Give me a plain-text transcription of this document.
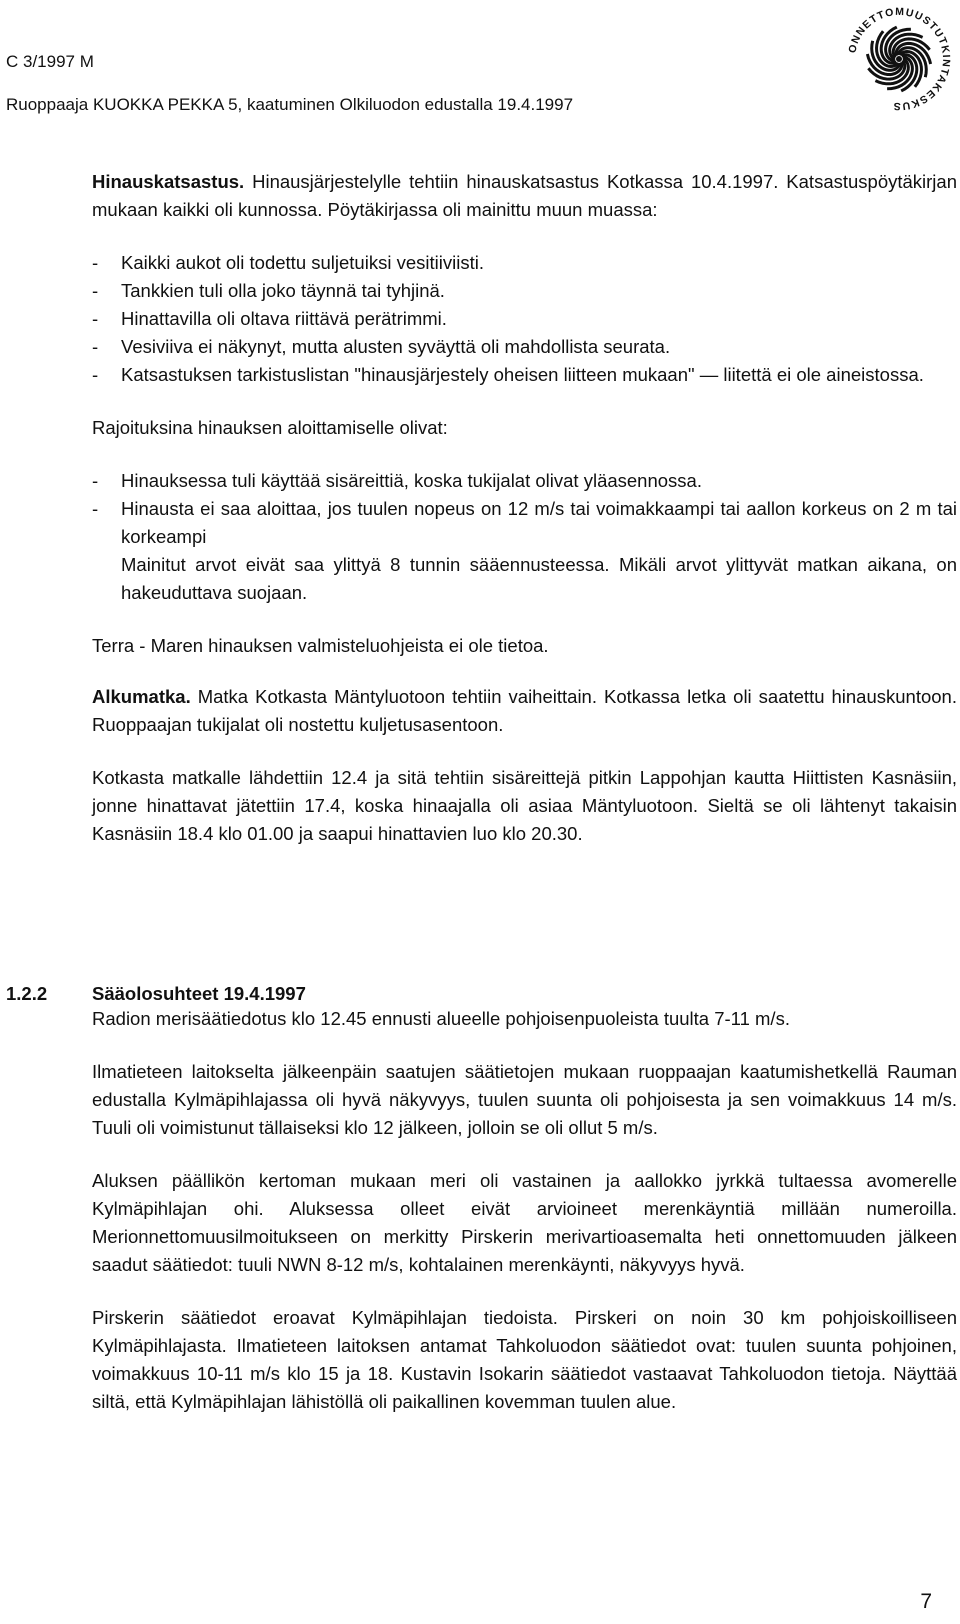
C 3/1997 M
Ruoppaaja KUOKKA PEKKA 5, kaatuminen Olkiluodon edustalla 19.4.1997
ONNETTOMUUSTUTKINTAKESKUS

Hinauskatsastus. Hinausjärjestelylle tehtiin hinauskatsastus Kotkassa 10.4.1997. Katsastuspöytäkirjan mukaan kaikki oli kunnossa. Pöytäkirjassa oli mainittu muun muassa:

- Kaikki aukot oli todettu suljetuiksi vesitiiviisti.
- Tankkien tuli olla joko täynnä tai tyhjinä.
- Hinattavilla oli oltava riittävä perätrimmi.
- Vesiviiva ei näkynyt, mutta alusten syväyttä oli mahdollista seurata.
- Katsastuksen tarkistuslistan "hinausjärjestely oheisen liitteen mukaan" — liitettä ei ole aineistossa.

Rajoituksina hinauksen aloittamiselle olivat:

- Hinauksessa tuli käyttää sisäreittiä, koska tukijalat olivat yläasennossa.
- Hinausta ei saa aloittaa, jos tuulen nopeus on 12 m/s tai voimakkaampi tai aallon korkeus on 2 m tai korkeampi
Mainitut arvot eivät saa ylittyä 8 tunnin sääennusteessa. Mikäli arvot ylittyvät matkan aikana, on hakeuduttava suojaan.

Terra - Maren hinauksen valmisteluohjeista ei ole tietoa.

Alkumatka. Matka Kotkasta Mäntyluotoon tehtiin vaiheittain. Kotkassa letka oli saatettu hinauskuntoon. Ruoppaajan tukijalat oli nostettu kuljetusasentoon.

Kotkasta matkalle lähdettiin 12.4 ja sitä tehtiin sisäreittejä pitkin Lappohjan kautta Hiittisten Kasnäsiin, jonne hinattavat jätettiin 17.4, koska hinaajalla oli asiaa Mäntyluotoon. Sieltä se oli lähtenyt takaisin Kasnäsiin 18.4 klo 01.00 ja saapui hinattavien luo klo 20.30.

1.2.2 Sääolosuhteet 19.4.1997

Radion merisäätiedotus klo 12.45 ennusti alueelle pohjoisenpuoleista tuulta 7-11 m/s.

Ilmatieteen laitokselta jälkeenpäin saatujen säätietojen mukaan ruoppaajan kaatumishetkellä Rauman edustalla Kylmäpihlajassa oli hyvä näkyvyys, tuulen suunta oli pohjoisesta ja sen voimakkuus 14 m/s. Tuuli oli voimistunut tällaiseksi klo 12 jälkeen, jolloin se oli ollut 5 m/s.

Aluksen päällikön kertoman mukaan meri oli vastainen ja aallokko jyrkkä tultaessa avomerelle Kylmäpihlajan ohi. Aluksessa olleet eivät arvioineet merenkäyntiä millään numeroilla. Merionnettomuusilmoitukseen on merkitty Pirskerin merivartioasemalta heti onnettomuuden jälkeen saadut säätiedot: tuuli NWN 8-12 m/s, kohtalainen merenkäynti, näkyvyys hyvä.

Pirskerin säätiedot eroavat Kylmäpihlajan tiedoista. Pirskeri on noin 30 km pohjoiskoilliseen Kylmäpihlajasta. Ilmatieteen laitoksen antamat Tahkoluodon säätiedot ovat: tuulen suunta pohjoinen, voimakkuus 10-11 m/s klo 15 ja 18. Kustavin Isokarin säätiedot vastaavat Tahkoluodon tietoja. Näyttää siltä, että Kylmäpihlajan lähistöllä oli paikallinen kovemman tuulen alue.

7
